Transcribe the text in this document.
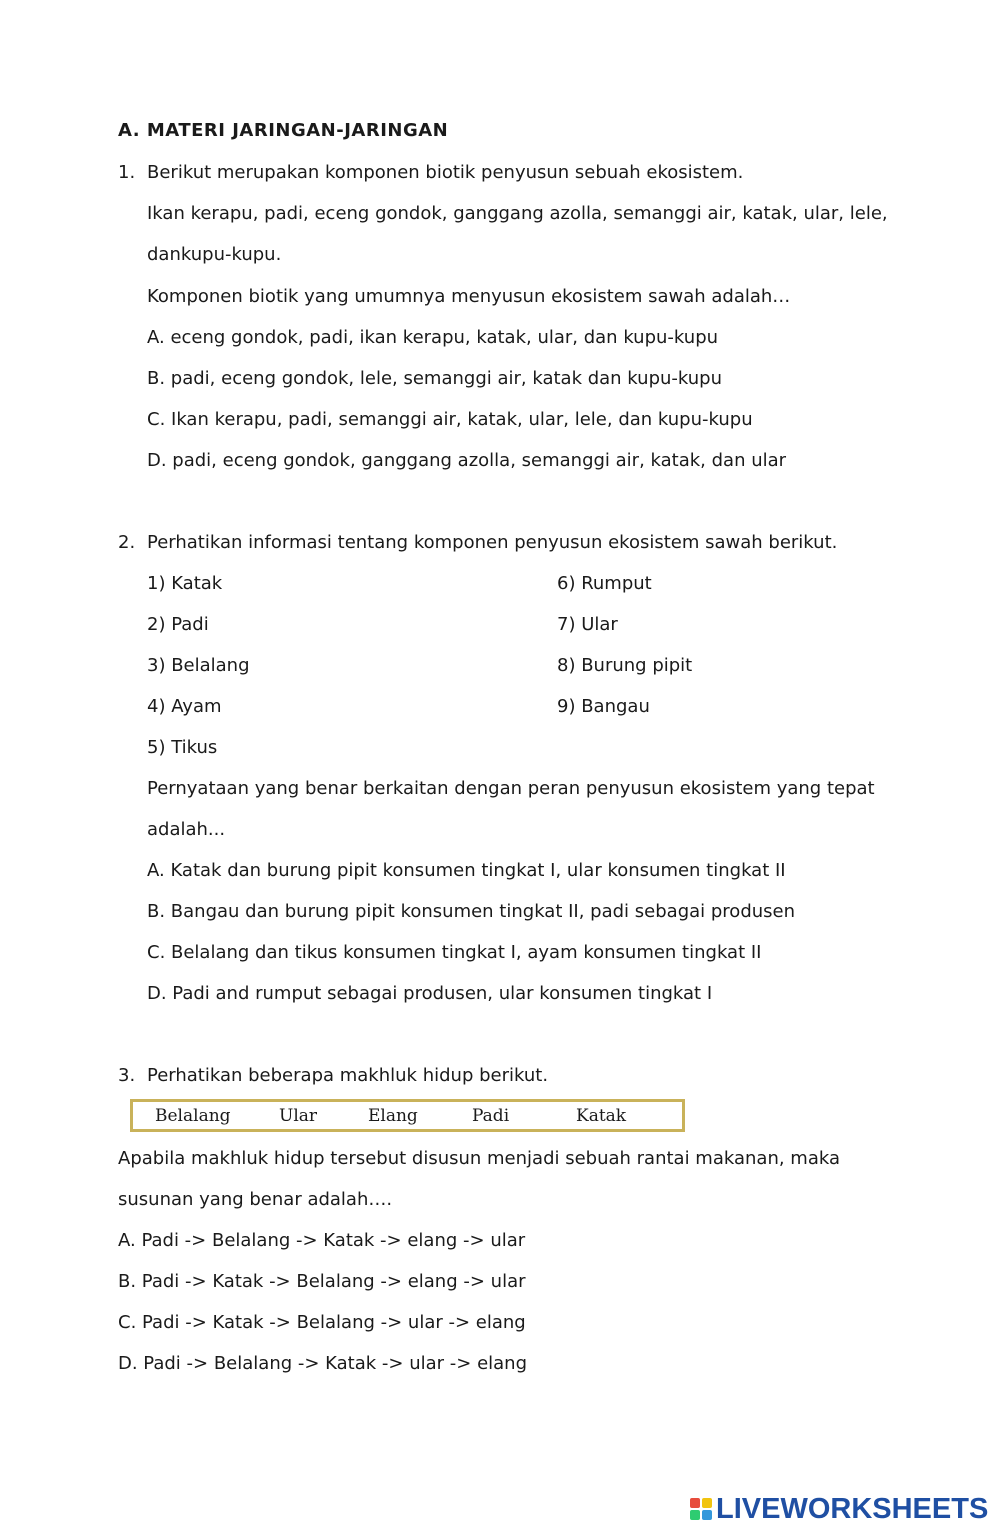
A. MATERI JARINGAN-JARINGAN
1. Berikut merupakan komponen biotik penyusun sebuah ekosistem.
Ikan kerapu, padi, eceng gondok, ganggang azolla, semanggi air, katak, ular, lele,
dankupu-kupu.
Komponen biotik yang umumnya menyusun ekosistem sawah adalah…
A. eceng gondok, padi, ikan kerapu, katak, ular, dan kupu-kupu
B. padi, eceng gondok, lele, semanggi air, katak dan kupu-kupu
C. Ikan kerapu, padi, semanggi air, katak, ular, lele, dan kupu-kupu
D. padi, eceng gondok, ganggang azolla, semanggi air, katak, dan ular
2. Perhatikan informasi tentang komponen penyusun ekosistem sawah berikut.
1) Katak
2) Padi
3) Belalang
4) Ayam
5) Tikus
6) Rumput
7) Ular
8) Burung pipit
9) Bangau
Pernyataan yang benar berkaitan dengan peran penyusun ekosistem yang tepat
adalah...
A. Katak dan burung pipit konsumen tingkat I, ular konsumen tingkat II
B. Bangau dan burung pipit konsumen tingkat II, padi sebagai produsen
C. Belalang dan tikus konsumen tingkat I, ayam konsumen tingkat II
D. Padi and rumput sebagai produsen, ular konsumen tingkat I
3. Perhatikan beberapa makhluk hidup berikut.
Belalang	Ular	Elang	Padi	Katak
Apabila makhluk hidup tersebut disusun menjadi sebuah rantai makanan, maka
susunan yang benar adalah….
A. Padi -> Belalang -> Katak -> elang -> ular
B. Padi -> Katak -> Belalang -> elang -> ular
C. Padi -> Katak -> Belalang -> ular -> elang
D. Padi -> Belalang -> Katak -> ular -> elang
LIVEWORKSHEETS
